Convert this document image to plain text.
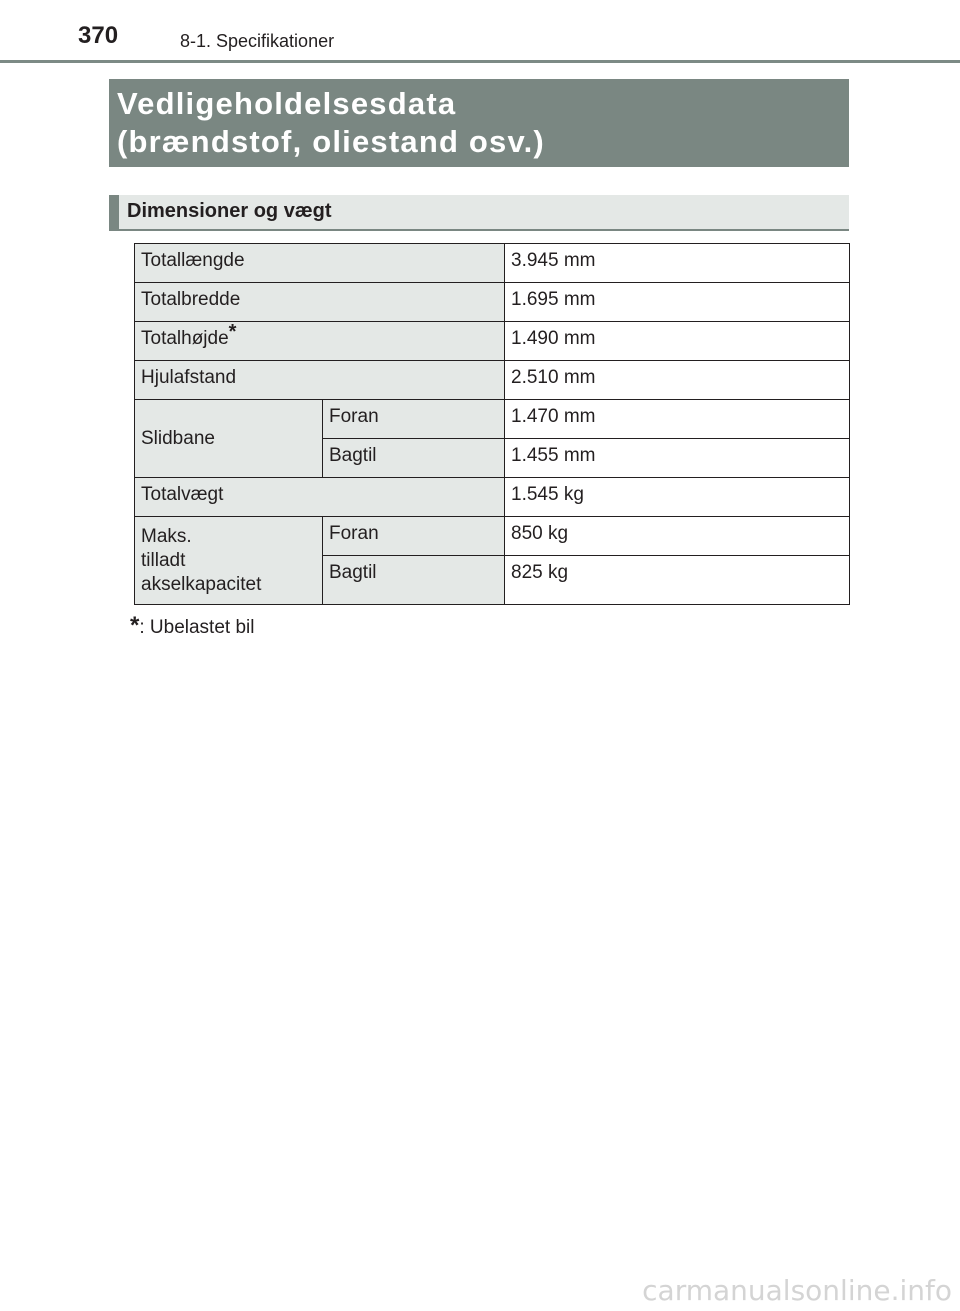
370	8-1. Specifikationer
Vedligeholdelsesdata
(brændstof, oliestand osv.)
Dimensioner og vægt
Totallængde		3.945 mm
Totalbredde		1.695 mm
Totalhøjde*		1.490 mm
Hjulafstand		2.510 mm
Slidbane	Foran	1.470 mm
	Bagtil	1.455 mm
Totalvægt		1.545 kg

Maks.
tilladt
akselkapacitet	Foran	850 kg
	Bagtil	825 kg
*: Ubelastet bil
carmanualsonline.info
